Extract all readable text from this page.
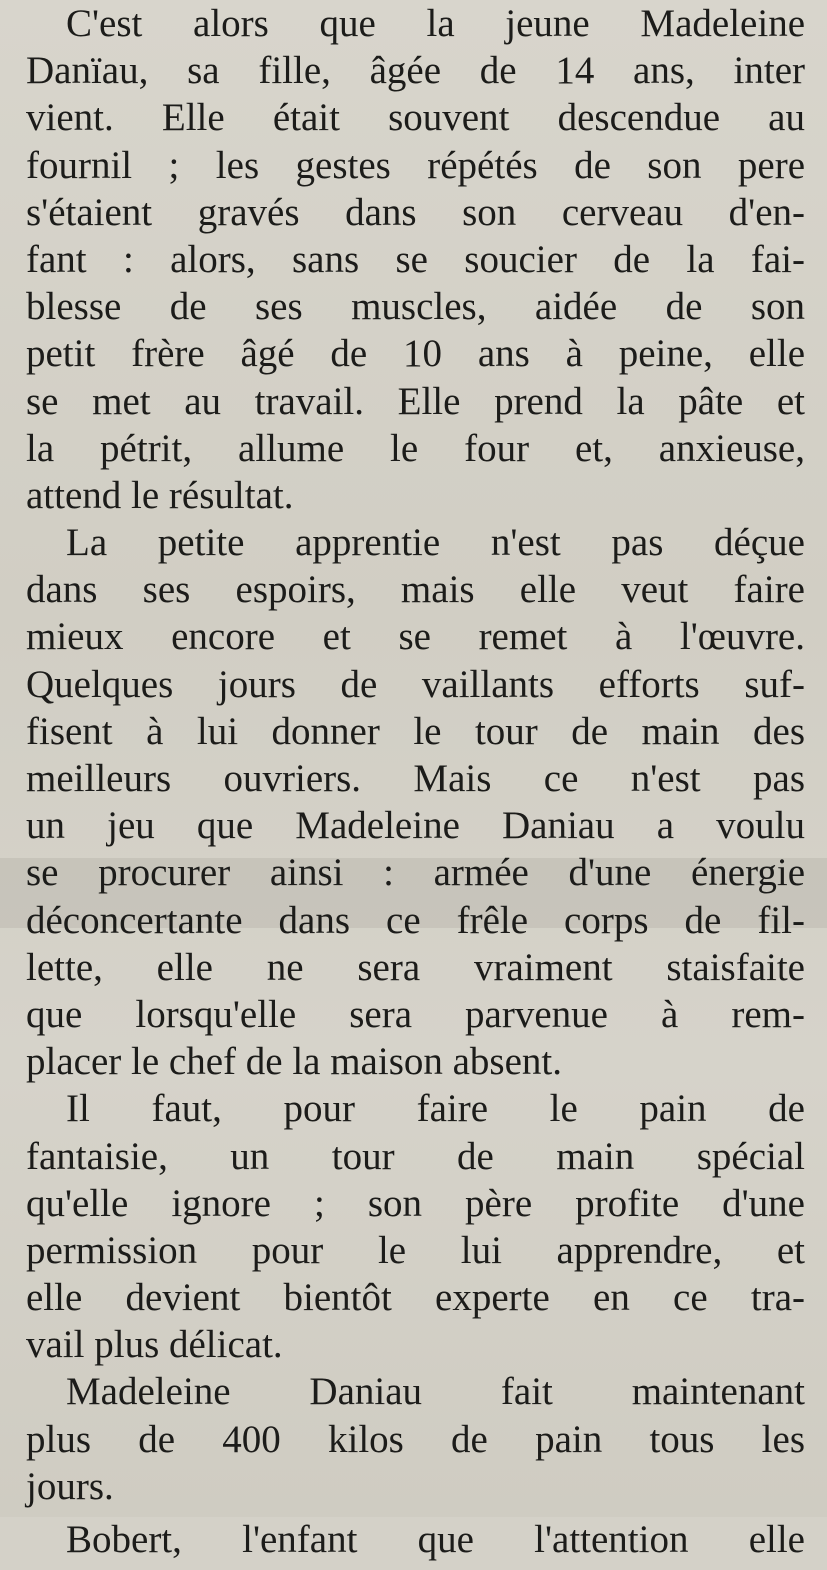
C'est alors que la jeune Madeleine
Danïau, sa fille, âgée de 14 ans, inter
vient. Elle était souvent descendue au
fournil ; les gestes répétés de son pere
s'étaient gravés dans son cerveau d'en-
fant : alors, sans se soucier de la fai-
blesse de ses muscles, aidée de son
petit frère âgé de 10 ans à peine, elle
se met au travail. Elle prend la pâte et
la pétrit, allume le four et, anxieuse,
attend le résultat.
La petite apprentie n'est pas déçue
dans ses espoirs, mais elle veut faire
mieux encore et se remet à l'œuvre.
Quelques jours de vaillants efforts suf-
fisent à lui donner le tour de main des
meilleurs ouvriers. Mais ce n'est pas
un jeu que Madeleine Daniau a voulu
se procurer ainsi : armée d'une énergie
déconcertante dans ce frêle corps de fil-
lette, elle ne sera vraiment staisfaite
que lorsqu'elle sera parvenue à rem-
placer le chef de la maison absent.
Il faut, pour faire le pain de
fantaisie, un tour de main spécial
qu'elle ignore ; son père profite d'une
permission pour le lui apprendre, et
elle devient bientôt experte en ce tra-
vail plus délicat.
Madeleine Daniau fait maintenant
plus de 400 kilos de pain tous les
jours.
Bobert, l'enfant que l'attention elle
